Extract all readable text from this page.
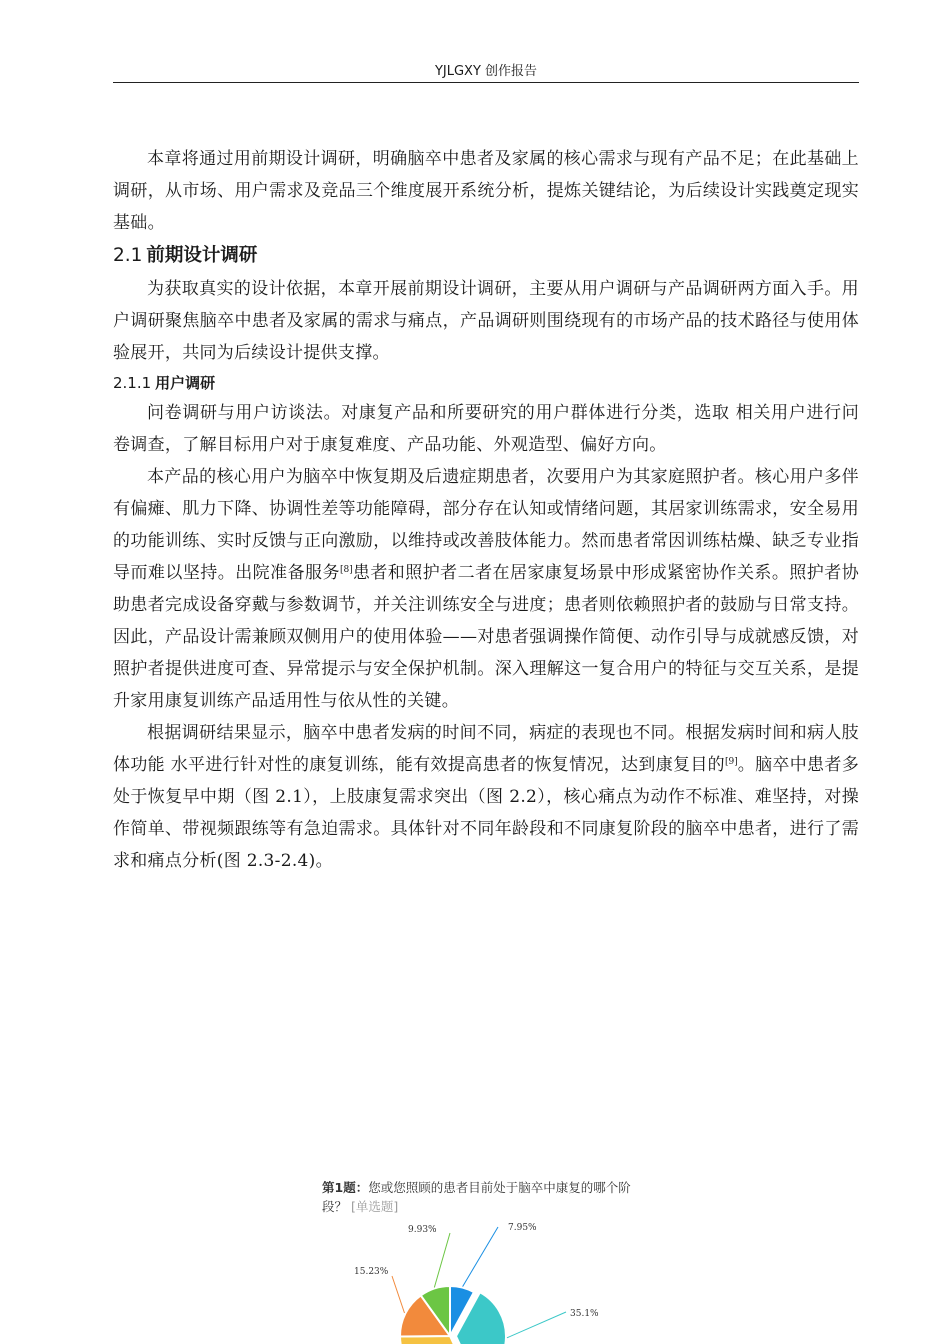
YJLGXY 创作报告

本章将通过用前期设计调研，明确脑卒中患者及家属的核心需求与现有产品不足；在此基础上调研，从市场、用户需求及竞品三个维度展开系统分析，提炼关键结论，为后续设计实践奠定现实基础。

2.1 前期设计调研

为获取真实的设计依据，本章开展前期设计调研，主要从用户调研与产品调研两方面入手。用户调研聚焦脑卒中患者及家属的需求与痛点，产品调研则围绕现有的市场产品的技术路径与使用体验展开，共同为后续设计提供支撑。

2.1.1 用户调研

问卷调研与用户访谈法。对康复产品和所要研究的用户群体进行分类，选取 相关用户进行问卷调查，了解目标用户对于康复难度、产品功能、外观造型、偏好方向。

本产品的核心用户为脑卒中恢复期及后遗症期患者，次要用户为其家庭照护者。核心用户多伴有偏瘫、肌力下降、协调性差等功能障碍，部分存在认知或情绪问题，其居家训练需求，安全易用的功能训练、实时反馈与正向激励，以维持或改善肢体能力。然而患者常因训练枯燥、缺乏专业指导而难以坚持。出院准备服务[8]患者和照护者二者在居家康复场景中形成紧密协作关系。照护者协助患者完成设备穿戴与参数调节，并关注训练安全与进度；患者则依赖照护者的鼓励与日常支持。因此，产品设计需兼顾双侧用户的使用体验——对患者强调操作简便、动作引导与成就感反馈，对照护者提供进度可查、异常提示与安全保护机制。深入理解这一复合用户的特征与交互关系，是提升家用康复训练产品适用性与依从性的关键。

根据调研结果显示，脑卒中患者发病的时间不同，病症的表现也不同。根据发病时间和病人肢体功能 水平进行针对性的康复训练，能有效提高患者的恢复情况，达到康复目的[9]。脑卒中患者多处于恢复早中期（图 2.1），上肢康复需求突出（图 2.2），核心痛点为动作不标准、难坚持，对操作简单、带视频跟练等有急迫需求。具体针对不同年龄段和不同康复阶段的脑卒中患者，进行了需求和痛点分析(图 2.3-2.4)。

第1题：您或您照顾的患者目前处于脑卒中康复的哪个阶段？ [单选题]
7.95%
35.1%
15.23%
9.93%
